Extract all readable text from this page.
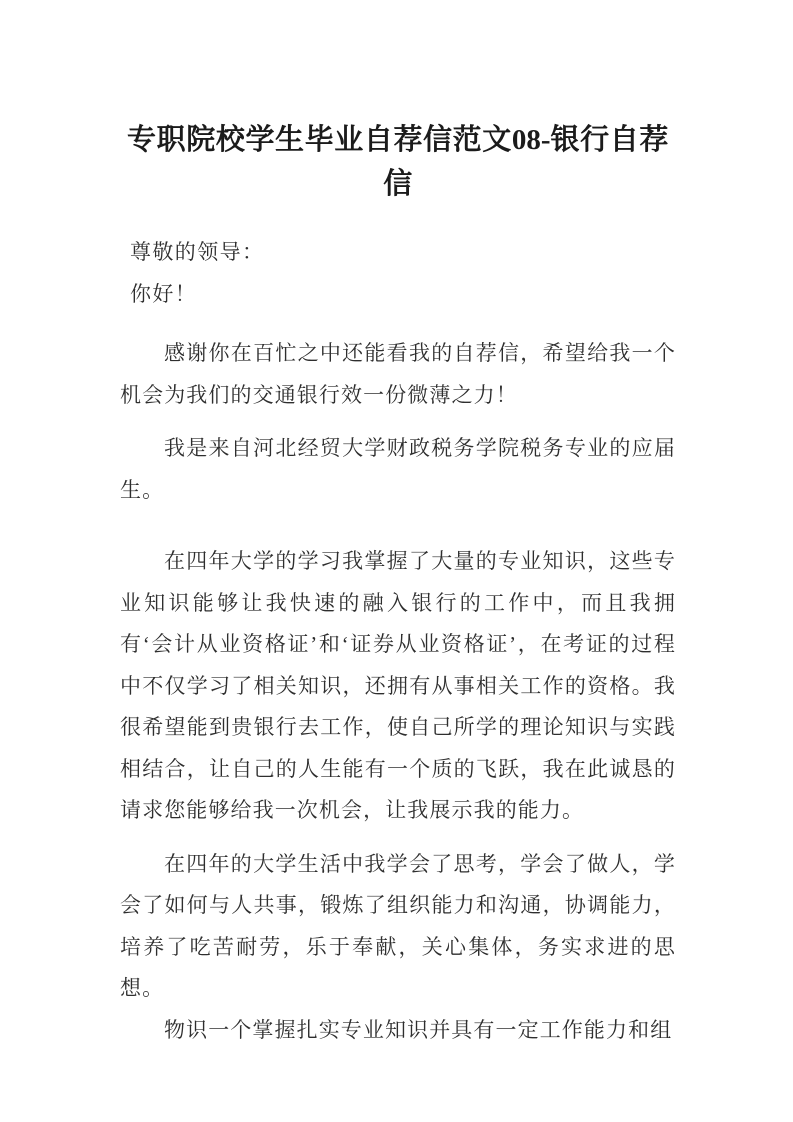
专职院校学生毕业自荐信范文08-银行自荐信

尊敬的领导：

你好！

感谢你在百忙之中还能看我的自荐信，希望给我一个机会为我们的交通银行效一份微薄之力！

我是来自河北经贸大学财政税务学院税务专业的应届生。

在四年大学的学习我掌握了大量的专业知识，这些专业知识能够让我快速的融入银行的工作中，而且我拥有‘会计从业资格证’和‘证券从业资格证’，在考证的过程中不仅学习了相关知识，还拥有从事相关工作的资格。我很希望能到贵银行去工作，使自己所学的理论知识与实践相结合，让自己的人生能有一个质的飞跃，我在此诚恳的请求您能够给我一次机会，让我展示我的能力。

在四年的大学生活中我学会了思考，学会了做人，学会了如何与人共事，锻炼了组织能力和沟通，协调能力，培养了吃苦耐劳，乐于奉献，关心集体，务实求进的思想。

物识一个掌握扎实专业知识并具有一定工作能力和组
